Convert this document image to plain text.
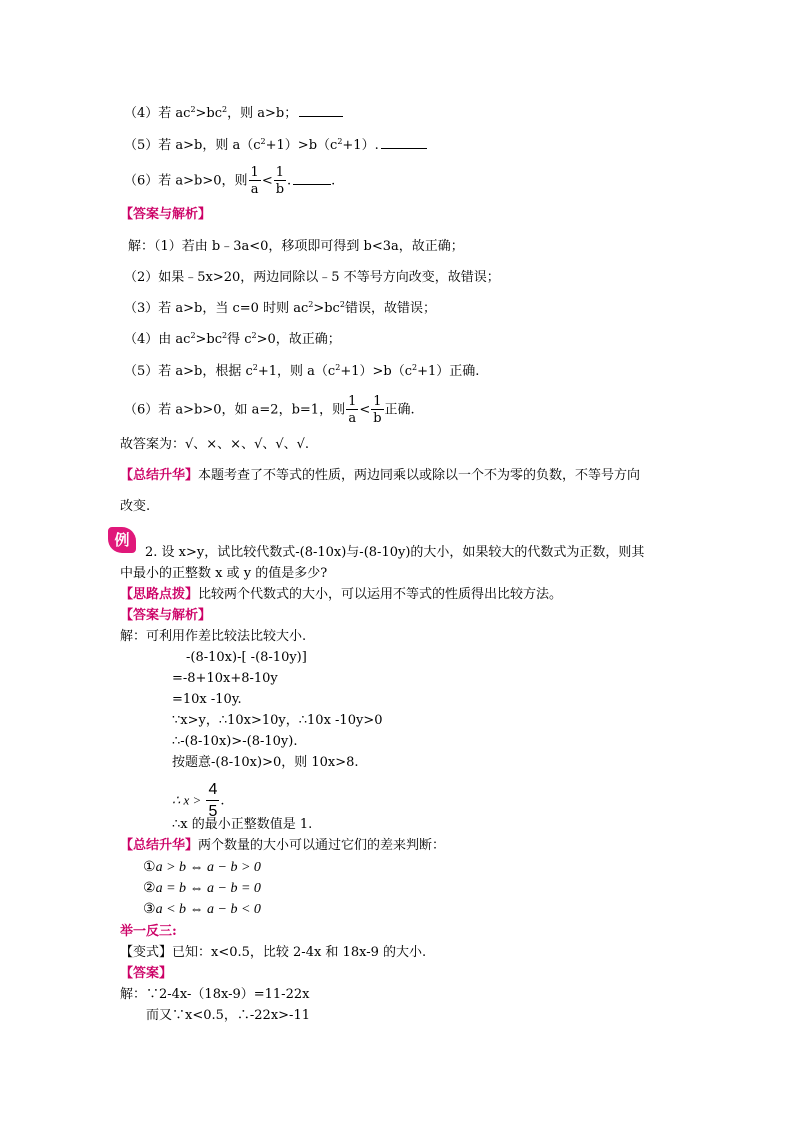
（4）若 $ac^2>bc^2$，则 a>b；
（5）若 a>b，则 $a(c^2+1)>b(c^2+1)$.
（6）若 a>b>0，则 $\frac{1}{a} < \frac{1}{b}$ .	.
【答案与解析】
解：（1）若由 b﹣3a<0，移项即可得到 b<3a，故正确；
（2）如果﹣5x>20，两边同除以﹣5 不等号方向改变，故错误；
（3）若 a>b，当 c=0 时则 $ac^2>bc^2$错误，故错误；
（4）由 $ac^2>bc^2$得 $c^2>0$，故正确；
（5）若 a>b，根据 $c^2+1$，则 $a(c^2+1)>b(c^2+1)$正确.
（6）若 a>b>0，如 a=2，b=1，则 $\frac{1}{a} < \frac{1}{b}$ 正确.
故答案为：√、×、×、√、√、√.
【总结升华】本题考查了不等式的性质，两边同乘以或除以一个不为零的负数，不等号方向
改变.
例
2. 设 x>y，试比较代数式-(8-10x)与-(8-10y)的大小，如果较大的代数式为正数，则其
中最小的正整数 x 或 y 的值是多少?
【思路点拨】比较两个代数式的大小，可以运用不等式的性质得出比较方法。
【答案与解析】
解：可利用作差比较法比较大小.
-(8-10x)-[ -(8-10y)]
=-8+10x+8-10y
=10x -10y.
∵x>y，∴10x>10y，∴10x -10y>0
∴-(8-10x)>-(8-10y).
按题意-(8-10x)>0，则 10x>8.
∴ $x > \frac{4}{5}$ .
∴x 的最小正整数值是 1.
【总结升华】两个数量的大小可以通过它们的差来判断：
①a > b ⇔ a − b > 0
②a = b ⇔ a − b = 0
③a < b ⇔ a − b < 0
举一反三:
【变式】已知：x<0.5，比较 2-4x 和 18x-9 的大小.
【答案】
解：∵2-4x-（18x-9）=11-22x
而又∵x<0.5，∴-22x>-11
